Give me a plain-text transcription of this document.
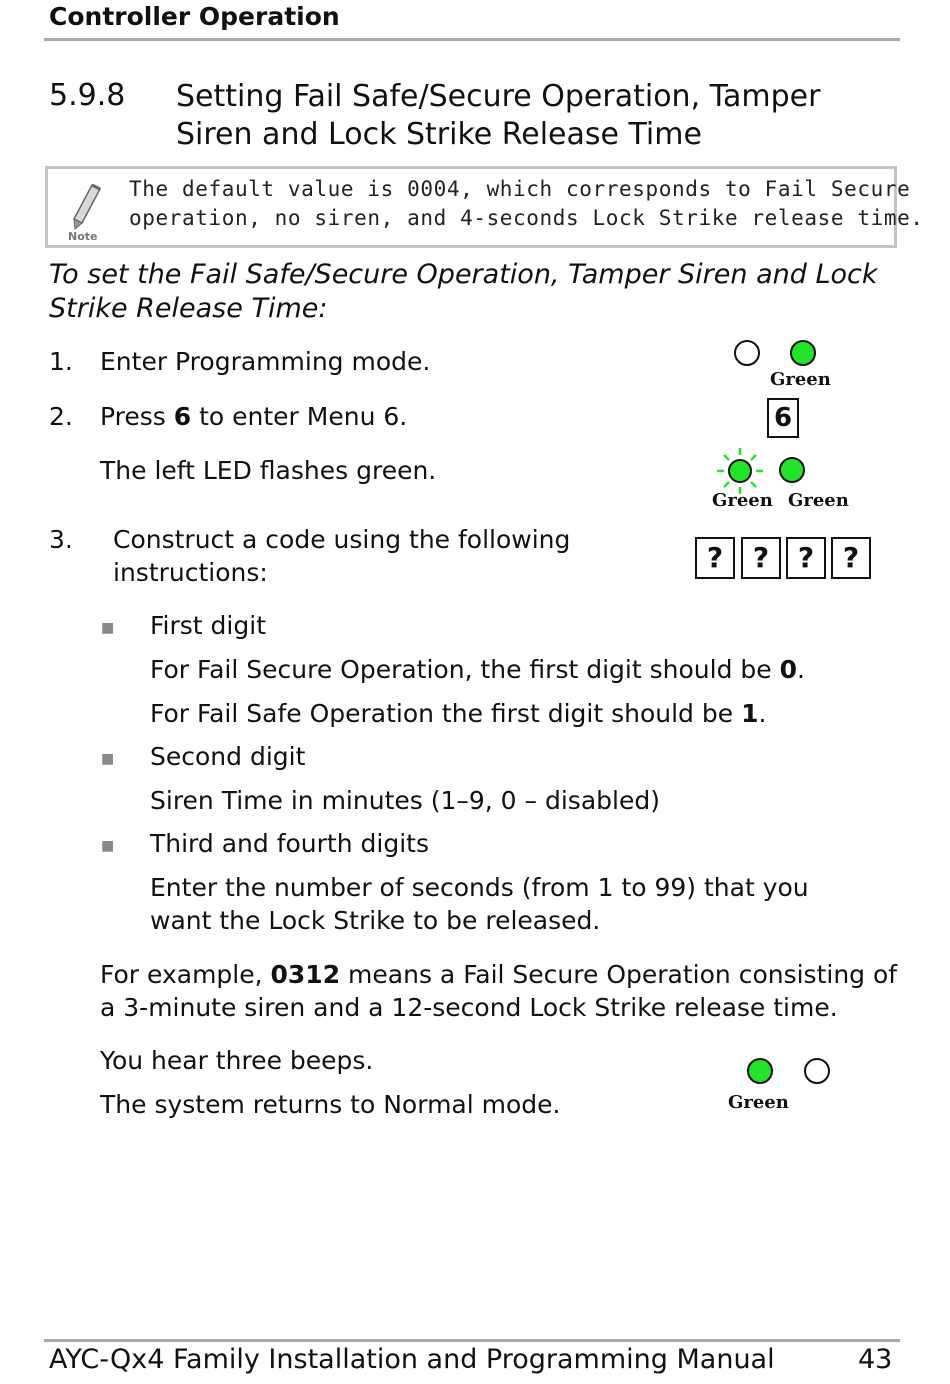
Controller Operation
5.9.8 Setting Fail Safe/Secure Operation, Tamper Siren and Lock Strike Release Time
Note
The default value is 0004, which corresponds to Fail Secure
operation, no siren, and 4-seconds Lock Strike release time.
To set the Fail Safe/Secure Operation, Tamper Siren and Lock Strike Release Time:
1. Enter Programming mode.
2. Press 6 to enter Menu 6.
The left LED flashes green.
3. Construct a code using the following instructions:
■ First digit
For Fail Secure Operation, the first digit should be 0.
For Fail Safe Operation the first digit should be 1.
■ Second digit
Siren Time in minutes (1–9, 0 – disabled)
■ Third and fourth digits
Enter the number of seconds (from 1 to 99) that you want the Lock Strike to be released.
For example, 0312 means a Fail Secure Operation consisting of a 3-minute siren and a 12-second Lock Strike release time.
You hear three beeps.
The system returns to Normal mode.
Green
6
Green Green
?	?	?	?
Green
AYC-Qx4 Family Installation and Programming Manual	43
